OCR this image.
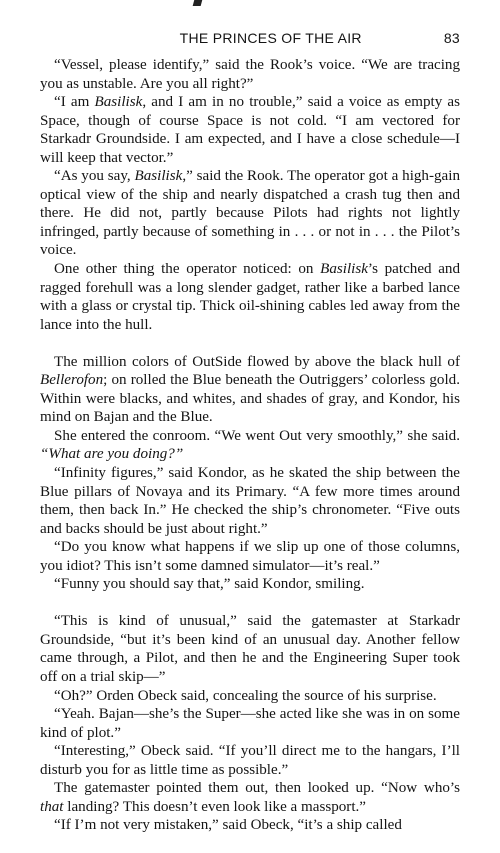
THE PRINCES OF THE AIR	83

“Vessel, please identify,” said the Rook’s voice. “We are tracing you as unstable. Are you all right?”

“I am Basilisk, and I am in no trouble,” said a voice as empty as Space, though of course Space is not cold. “I am vectored for Starkadr Groundside. I am expected, and I have a close schedule—I will keep that vector.”

“As you say, Basilisk,” said the Rook. The operator got a high-gain optical view of the ship and nearly dispatched a crash tug then and there. He did not, partly because Pilots had rights not lightly infringed, partly because of something in . . . or not in . . . the Pilot’s voice.

One other thing the operator noticed: on Basilisk’s patched and ragged forehull was a long slender gadget, rather like a barbed lance with a glass or crystal tip. Thick oil-shining cables led away from the lance into the hull.

The million colors of OutSide flowed by above the black hull of Bellerofon; on rolled the Blue beneath the Outriggers’ colorless gold. Within were blacks, and whites, and shades of gray, and Kondor, his mind on Bajan and the Blue.

She entered the conroom. “We went Out very smoothly,” she said. “What are you doing?”

“Infinity figures,” said Kondor, as he skated the ship between the Blue pillars of Novaya and its Primary. “A few more times around them, then back In.” He checked the ship’s chronometer. “Five outs and backs should be just about right.”

“Do you know what happens if we slip up one of those columns, you idiot? This isn’t some damned simulator—it’s real.”

“Funny you should say that,” said Kondor, smiling.

“This is kind of unusual,” said the gatemaster at Starkadr Groundside, “but it’s been kind of an unusual day. Another fellow came through, a Pilot, and then he and the Engineering Super took off on a trial skip—”

“Oh?” Orden Obeck said, concealing the source of his surprise.

“Yeah. Bajan—she’s the Super—she acted like she was in on some kind of plot.”

“Interesting,” Obeck said. “If you’ll direct me to the hangars, I’ll disturb you for as little time as possible.”

The gatemaster pointed them out, then looked up. “Now who’s that landing? This doesn’t even look like a massport.”

“If I’m not very mistaken,” said Obeck, “it’s a ship called
